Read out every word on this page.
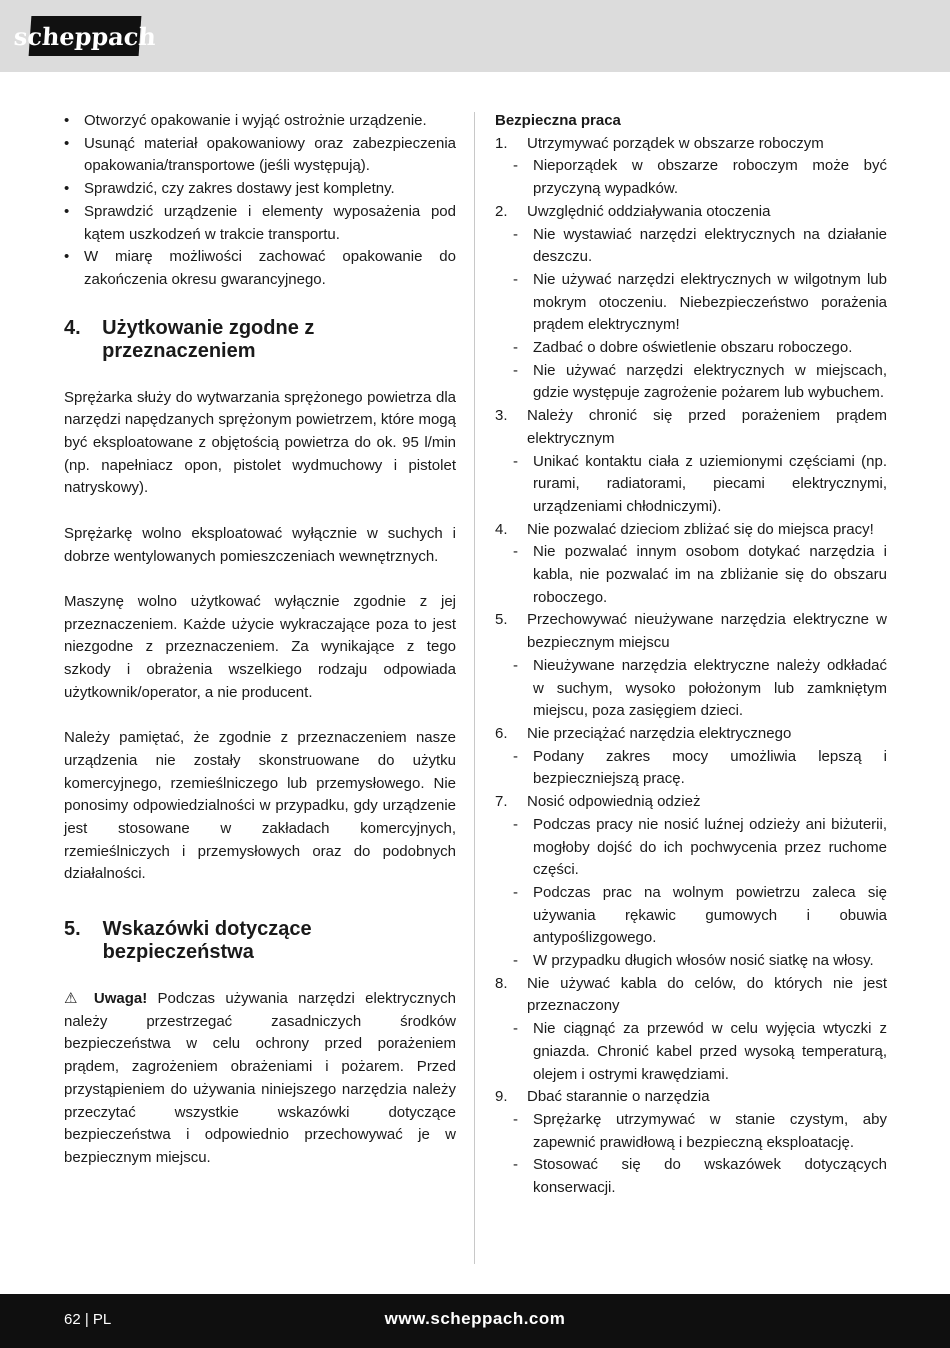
scheppach
• Otworzyć opakowanie i wyjąć ostrożnie urządzenie.
• Usunąć materiał opakowaniowy oraz zabezpieczenia opakowania/transportowe (jeśli występują).
• Sprawdzić, czy zakres dostawy jest kompletny.
• Sprawdzić urządzenie i elementy wyposażenia pod kątem uszkodzeń w trakcie transportu.
• W miarę możliwości zachować opakowanie do zakończenia okresu gwarancyjnego.
4.	Użytkowanie zgodne z przeznaczeniem

Sprężarka służy do wytwarzania sprężonego powietrza dla narzędzi napędzanych sprężonym powietrzem, które mogą być eksploatowane z objętością powietrza do ok. 95 l/min (np. napełniacz opon, pistolet wydmuchowy i pistolet natryskowy).

Sprężarkę wolno eksploatować wyłącznie w suchych i dobrze wentylowanych pomieszczeniach wewnętrznych.

Maszynę wolno użytkować wyłącznie zgodnie z jej przeznaczeniem. Każde użycie wykraczające poza to jest niezgodne z przeznaczeniem. Za wynikające z tego szkody i obrażenia wszelkiego rodzaju odpowiada użytkownik/operator, a nie producent.

Należy pamiętać, że zgodnie z przeznaczeniem nasze urządzenia nie zostały skonstruowane do użytku komercyjnego, rzemieślniczego lub przemysłowego. Nie ponosimy odpowiedzialności w przypadku, gdy urządzenie jest stosowane w zakładach komercyjnych, rzemieślniczych i przemysłowych oraz do podobnych działalności.

5.	Wskazówki dotyczące bezpieczeństwa

⚠ Uwaga! Podczas używania narzędzi elektrycznych należy przestrzegać zasadniczych środków bezpieczeństwa w celu ochrony przed porażeniem prądem, zagrożeniem obrażeniami i pożarem. Przed przystąpieniem do używania niniejszego narzędzia należy przeczytać wszystkie wskazówki dotyczące bezpieczeństwa i odpowiednio przechowywać je w bezpiecznym miejscu.

Bezpieczna praca
1. Utrzymywać porządek w obszarze roboczym
- Nieporządek w obszarze roboczym może być przyczyną wypadków.
2. Uwzględnić oddziaływania otoczenia
- Nie wystawiać narzędzi elektrycznych na działanie deszczu.
- Nie używać narzędzi elektrycznych w wilgotnym lub mokrym otoczeniu. Niebezpieczeństwo porażenia prądem elektrycznym!
- Zadbać o dobre oświetlenie obszaru roboczego.
- Nie używać narzędzi elektrycznych w miejscach, gdzie występuje zagrożenie pożarem lub wybuchem.
3. Należy chronić się przed porażeniem prądem elektrycznym
- Unikać kontaktu ciała z uziemionymi częściami (np. rurami, radiatorami, piecami elektrycznymi, urządzeniami chłodniczymi).
4. Nie pozwalać dzieciom zbliżać się do miejsca pracy!
- Nie pozwalać innym osobom dotykać narzędzia i kabla, nie pozwalać im na zbliżanie się do obszaru roboczego.
5. Przechowywać nieużywane narzędzia elektryczne w bezpiecznym miejscu
- Nieużywane narzędzia elektryczne należy odkładać w suchym, wysoko położonym lub zamkniętym miejscu, poza zasięgiem dzieci.
6. Nie przeciążać narzędzia elektrycznego
- Podany zakres mocy umożliwia lepszą i bezpieczniejszą pracę.
7. Nosić odpowiednią odzież
- Podczas pracy nie nosić luźnej odzieży ani biżuterii, mogłoby dojść do ich pochwycenia przez ruchome części.
- Podczas prac na wolnym powietrzu zaleca się używania rękawic gumowych i obuwia antypoślizgowego.
- W przypadku długich włosów nosić siatkę na włosy.
8. Nie używać kabla do celów, do których nie jest przeznaczony
- Nie ciągnąć za przewód w celu wyjęcia wtyczki z gniazda. Chronić kabel przed wysoką temperaturą, olejem i ostrymi krawędziami.
9. Dbać starannie o narzędzia
- Sprężarkę utrzymywać w stanie czystym, aby zapewnić prawidłową i bezpieczną eksploatację.
- Stosować się do wskazówek dotyczących konserwacji.
62 | PL	www.scheppach.com
